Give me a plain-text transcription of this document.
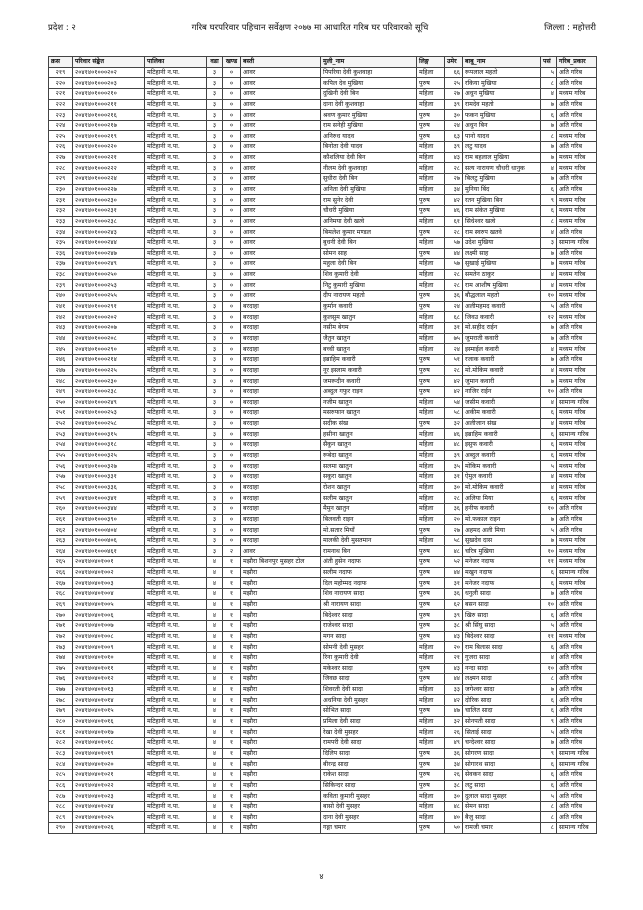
प्रदेश : २	गरिब घरपरिवार पहिचान सर्वेक्षण २०७७ मा आधारित गरिब घर परिवारको सूचि	जिल्ला : महोत्तरी
क्रस	परिवार संङ्केत	पालिका	वडा	खण्ड	बस्ती	मुली_नाम	लिङ्ग	उमेर	बाबु_नाम	पसं	गरिब_प्रकार
२१९	२०४१४०१०००२०२	मटिहानी न.पा.	३	०	आवर	पिपरिया देवी कुशवाहा	महिला	६६	रूपलाल महतो	५	अति गरिब
२२०	२०४१४०१०००२०३	मटिहानी न.पा.	३	०	आवर	कपिल देव मुखिया	पुरुष	२५	रकिया मुखिया	८	अति गरिब
२२१	२०४१४०१०००२१०	मटिहानी न.पा.	३	०	आवर	दुखिनी देवी बिन	महिला	२७	अधुन मुखिया	४	मध्यम गरिब
२२२	२०४१४०१०००२११	मटिहानी न.पा.	३	०	आवर	दाना देवी कुशवाहा	महिला	३९	रामदेव महतो	७	अति गरिब
२२३	२०४१४०१०००२१६	मटिहानी न.पा.	३	०	आवर	श्रवण कुमार मुखिया	पुरुष	३०	फकन मुखिया	६	अति गरिब
२२४	२०४१४०१०००२१७	मटिहानी न.पा.	३	०	आवर	राम सनेही मुखिया	पुरुष	२४	अधुन बिन	७	अति गरिब
२२५	२०४१४०१०००२१९	मटिहानी न.पा.	३	०	आवर	अनिरुध यादव	पुरुष	६३	पानो यादव	८	मध्यम गरिब
२२६	२०४१४०१०००२२०	मटिहानी न.पा.	३	०	आवर	बिनोता देवी यादव	महिला	३९	लटु यादव	७	अति गरिब
२२७	२०४१४०१०००२२१	मटिहानी न.पा.	३	०	आवर	कौशलिया देवी बिन	महिला	४३	राम बहलाल मुखिया	७	मध्यम गरिब
२२८	२०४१४०१०००२२२	मटिहानी न.पा.	३	०	आवर	नीलम देवी कुशवाहा	महिला	२८	सत्य नारायण चौधरी धानुक	४	मध्यम गरिब
२२९	२०४१४०१०००२२४	मटिहानी न.पा.	३	०	आवर	सुधीरा देवी बिन	महिला	२७	बिलटु मुखिया	७	अति गरिब
२३०	२०४१४०१०००२२७	मटिहानी न.पा.	३	०	आवर	अनिता देवी मुखिया	महिला	३४	मुनिया बिंद	६	अति गरिब
२३१	२०४१४०१०००२३०	मटिहानी न.पा.	३	०	आवर	राम सुनेर देवी	पुरुष	४२	रतन मुखिया बिन	९	मध्यम गरिब
२३२	२०४१४०१०००२३१	मटिहानी न.पा.	३	०	आवर	चौधरी मुखिया	पुरुष	४६	राम संकेत मुखिया	६	मध्यम गरिब
२३३	२०४१४०१०००२३८	मटिहानी न.पा.	३	०	आवर	अनिमया देवी खत्वे	महिला	६१	सिधेश्वर खत्वे	८	मध्यम गरिब
२३४	२०४१४०१०००२४३	मटिहानी न.पा.	३	०	आवर	बिमलेश कुमार मण्डल	पुरुष	२८	राम स्वरुप खतवे	४	अति गरिब
२३५	२०४१४०१०००२४४	मटिहानी न.पा.	३	०	आवर	बुधनी देवी बिन	महिला	५७	उदेश मुखिया	३	सामान्य गरिब
२३६	२०४१४०१०००२४७	मटिहानी न.पा.	३	०	आवर	सोमन साह	पुरुष	४४	लक्ष्मी साह	७	अति गरिब
२३७	२०४१४०१०००२४९	मटिहानी न.पा.	३	०	आवर	महुला देवी बिन	महिला	५७	सुखाई मुखिया	७	मध्यम गरिब
२३८	२०४१४०१०००२५०	मटिहानी न.पा.	३	०	आवर	शिव कुमारी देवी	महिला	२८	समतेन ठाकुर	४	मध्यम गरिब
२३९	२०४१४०१०००२५३	मटिहानी न.पा.	३	०	आवर	निटु कुमारी मुखिया	महिला	२८	राम आशीष मुखिया	४	मध्यम गरिब
२४०	२०४१४०१०००२५५	मटिहानी न.पा.	३	०	आवर	दीप नारायण महतो	पुरुष	३६	बौद्धलाल महतो	१०	मध्यम गरिब
२४१	२०४१४०१०००२९१	मटिहानी न.पा.	३	०	बरदाहा	कुर्मान कवारी	पुरुष	२४	अलीमहमद कवारी	५	अति गरिब
२४२	२०४१४०१०००२०२	मटिहानी न.पा.	३	०	बरदाहा	कुलसुम खातुन	महिला	६८	जिवउ कवारी	१२	मध्यम गरिब
२४३	२०४१४०१०००२०७	मटिहानी न.पा.	३	०	बरदाहा	नसीम बेगम	महिला	३१	मो.सहीद राईन	७	अति गरिब
२४४	२०४१४०१०००२०८	मटिहानी न.पा.	३	०	बरदाहा	जैतुन खातुन	महिला	७५	जुमराती कवारी	७	अति गरिब
२४५	२०४१४०१०००२९०	मटिहानी न.पा.	३	०	बरदाहा	बच्ची खातुन	महिला	२४	इस्माईल कवारी	४	मध्यम गरिब
२४६	२०४१४०१०००२१४	मटिहानी न.पा.	३	०	बरदाहा	इब्राहिम कवारी	पुरुष	५१	रजाक कवारी	७	अति गरिब
२४७	२०४१४०१०००२२५	मटिहानी न.पा.	३	०	बरदाहा	नूर इस्लाम कवारी	पुरुष	२८	मो.मोकिम कवारी	४	मध्यम गरिब
२४८	२०४१४०१०००२३०	मटिहानी न.पा.	३	०	बरदाहा	जमरूदीन कवारी	पुरुष	४२	जुमान कवारी	७	मध्यम गरिब
२४९	२०४१४०१०००२३८	मटिहानी न.पा.	३	०	बरदाहा	अब्दुल गफुर राइन	पुरुष	४२	नाजिर राईन	१०	अति गरिब
२५०	२०४१४०१०००२४९	मटिहानी न.पा.	३	०	बरदाहा	नजीम खातुन	महिला	५४	जसीम कवारी	४	सामान्य गरिब
२५१	२०४१४०१०००२५३	मटिहानी न.पा.	३	०	बरदाहा	मसरुफान खातुन	महिला	५८	अकीम कवारी	६	मध्यम गरिब
२५२	२०४१४०१०००२५८	मटिहानी न.पा.	३	०	बरदाहा	सदीक संख	पुरुष	३२	अलीजान संख	४	मध्यम गरिब
२५३	२०४१४०१०००३१५	मटिहानी न.पा.	३	०	बरदाहा	हसीना खातुन	महिला	४६	इब्राहिम कवारी	६	सामान्य गरिब
२५४	२०४१४०१०००३१८	मटिहानी न.पा.	३	०	बरदाहा	सैकुन खातुन	महिला	४८	इसुफ कवारी	६	मध्यम गरिब
२५५	२०४१४०१०००३२५	मटिहानी न.पा.	३	०	बरदाहा	रूबेदा खातुन	महिला	३९	अब्दुल कवारी	६	मध्यम गरिब
२५६	२०४१४०१०००३२७	मटिहानी न.पा.	३	०	बरदाहा	सलमा खातुन	महिला	३५	मोकिम कवारी	५	मध्यम गरिब
२५७	२०४१४०१०००३३१	मटिहानी न.पा.	३	०	बरदाहा	सकुरा खातुन	महिला	३१	ऐमुल कवारी	४	मध्यम गरिब
२५८	२०४१४०१०००३३६	मटिहानी न.पा.	३	०	बरदाहा	रोशन खातुन	महिला	३०	मो.मोकिम कवारी	४	मध्यम गरिब
२५९	२०४१४०१०००३४१	मटिहानी न.पा.	३	०	बरदाहा	सलीम खातुन	महिला	२८	अलिया मिया	६	मध्यम गरिब
२६०	२०४१४०१०००३४४	मटिहानी न.पा.	३	०	बरदाहा	मैमुन खातुन	महिला	३६	हनीफ कवारी	१०	अति गरिब
२६१	२०४१४०१०००३९०	मटिहानी न.पा.	३	०	बरदाहा	बिलवती राइन	महिला	२०	मो.फकाल राइन	७	अति गरिब
२६२	२०४१४०१०००४०४	मटिहानी न.पा.	३	०	बरदाहा	मो.सतार मियाँ	पुरुष	२७	अहमद अली मिया	५	अति गरिब
२६३	२०४१४०१०००४०६	मटिहानी न.पा.	३	०	बरदाहा	मालकी देवी मुसतमान	महिला	५८	सुखदेव दास	७	मध्यम गरिब
२६४	२०४१४०१०००४६१	मटिहानी न.पा.	३	२	आवर	रामनाथ बिन	पुरुष	४८	चरित्र मुखिया	१०	मध्यम गरिब
२६५	२०४१४०४०१००१	मटिहानी न.पा.	४	१	मझौरा बिशनपुर मुसहर टोल	अंती हुसेन नदाफ	पुरुष	५२	मनेजर नदाफ	११	मध्यम गरिब
२६६	२०४१४०४०१००२	मटिहानी न.पा.	४	१	मझौरा	सलीम नदाफ	पुरुष	४४	मखुन नदाफ	६	सामान्य गरिब
२६७	२०४१४०४०१००३	मटिहानी न.पा.	४	१	मझौरा	दिल महोम्मद नदाफ	पुरुष	३१	मनेजर नदाफ	६	मध्यम गरिब
२६८	२०४१४०४०१००४	मटिहानी न.पा.	४	१	मझौरा	शिव नारायण सादा	पुरुष	३६	धनुली सादा	७	अति गरिब
२६९	२०४१४०४०१००५	मटिहानी न.पा.	४	१	मझौरा	श्री नारायण सादा	पुरुष	६२	बसन सादा	१०	अति गरिब
२७०	२०४१४०४०१००६	मटिहानी न.पा.	४	१	मझौरा	बिदेश्वर सादा	पुरुष	३९	खिरु सादा	६	अति गरिब
२७१	२०४१४०४०१००७	मटिहानी न.पा.	४	१	मझौरा	राजेश्वर सादा	पुरुष	३८	श्री सिंघु सादा	५	अति गरिब
२७२	२०४१४०४०१००८	मटिहानी न.पा.	४	१	मझौरा	मगन सादा	पुरुष	४३	बिदेश्वर सादा	११	मध्यम गरिब
२७३	२०४१४०४०१००९	मटिहानी न.पा.	४	१	मझौरा	सोमनी देवी मुसहर	महिला	२०	राम बिलास सादा	६	अति गरिब
२७४	२०४१४०४०१०१०	मटिहानी न.पा.	४	१	मझौरा	रिना कुमारी देवी	महिला	२१	गुजरा सादा	४	अति गरिब
२७५	२०४१४०४०१०११	मटिहानी न.पा.	४	१	मझौरा	मकेश्वर सादा	पुरुष	४३	नन्दा सादा	१०	अति गरिब
२७६	२०४१४०४०१०१२	मटिहानी न.पा.	४	१	मझौरा	जिवछ सादा	पुरुष	४४	लक्ष्मन सादा	८	अति गरिब
२७७	२०४१४०४०१०१३	मटिहानी न.पा.	४	१	मझौरा	शिवरती देवी सादा	महिला	३३	जगेश्वर सादा	७	अति गरिब
२७८	२०४१४०४०१०१४	मटिहानी न.पा.	४	१	मझौरा	अधनिया देवी मुसहर	महिला	४२	दोरिक सादा	६	अति गरिब
२७९	२०४१४०४०१०१५	मटिहानी न.पा.	४	१	मझौरा	सोभित सादा	पुरुष	४७	चालित सादा	६	अति गरिब
२८०	२०४१४०४०१०१६	मटिहानी न.पा.	४	१	मझौरा	प्रमिला देवी सादा	महिला	३२	सोनपती सादा	९	अति गरिब
२८१	२०४१४०४०१०१७	मटिहानी न.पा.	४	१	मझौरा	रेखा देवी मुसहर	महिला	२६	सिताई सादा	५	अति गरिब
२८२	२०४१४०४०१०१८	मटिहानी न.पा.	४	१	मझौरा	रामपरी देवी सादा	महिला	४९	चन्देश्वर सादा	७	अति गरिब
२८३	२०४१४०४०१०१९	मटिहानी न.पा.	४	१	मझौरा	दिलिप सादा	पुरुष	३६	सोगरण सादा	९	सामान्य गरिब
२८४	२०४१४०४०१०२०	मटिहानी न.पा.	४	१	मझौरा	बीरन्द्र सादा	पुरुष	३४	सोगारथ सादा	६	सामान्य गरिब
२८५	२०४१४०४०१०२१	मटिहानी न.पा.	४	१	मझौरा	राकेश सादा	पुरुष	२६	सेवकन सादा	६	अति गरिब
२८६	२०४१४०४०१०२२	मटिहानी न.पा.	४	१	मझौरा	सिकिन्दर सादा	पुरुष	३८	लटु सादा	६	अति गरिब
२८७	२०४१४०४०१०२३	मटिहानी न.पा.	४	१	मझौरा	कविता कुमारी मुसहर	महिला	३०	दुलाल सादा मुसहर	५	अति गरिब
२८८	२०४१४०४०१०२४	मटिहानी न.पा.	४	१	मझौरा	बासो देवी मुसहर	महिला	४८	सेमन सादा	८	अति गरिब
२८९	२०४१४०४०१०२५	मटिहानी न.पा.	४	१	मझौरा	दाना देवी मुसहर	महिला	४०	बैजु सादा	८	अति गरिब
२९०	२०४१४०४०१०२६	मटिहानी न.पा.	४	१	मझौरा	गङ्गा चमार	पुरुष	५०	रामजी चमार	८	सामान्य गरिब
४
